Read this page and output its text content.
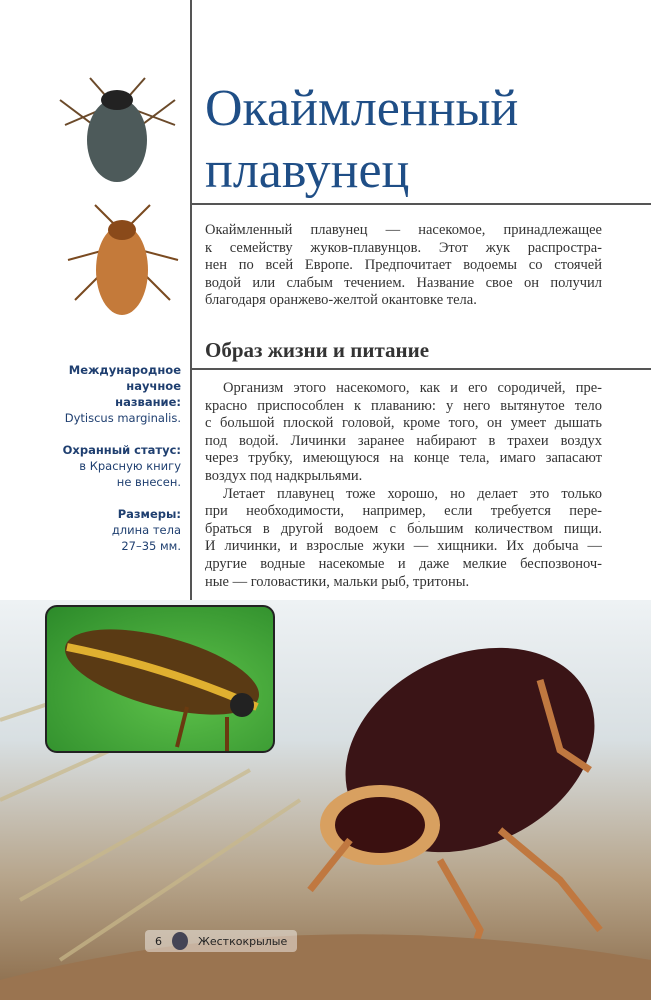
Окаймленный
плавунец
Окаймленный плавунец — насекомое, принадлежащее
к семейству жуков-плавунцов. Этот жук распростра-
нен по всей Европе. Предпочитает водоемы со стоячей
водой или слабым течением. Название свое он получил
благодаря оранжево-желтой окантовке тела.
Образ жизни и питание
Организм этого насекомого, как и его сородичей, пре-
красно приспособлен к плаванию: у него вытянутое тело
с большой плоской головой, кроме того, он умеет дышать
под водой. Личинки заранее набирают в трахеи воздух
через трубку, имеющуюся на конце тела, имаго запасают
воздух под надкрыльями.
Летает плавунец тоже хорошо, но делает это только
при необходимости, например, если требуется пере-
браться в другой водоем с бо́льшим количеством пищи.
И личинки, и взрослые жуки — хищники. Их добыча —
другие водные насекомые и даже мелкие беспозвоноч-
ные — головастики, мальки рыб, тритоны.
Международное
научное
название:
Dytiscus marginalis.
Охранный статус:
в Красную книгу
не внесен.
Размеры:
длина тела
27–35 мм.
6	Жесткокрылые
